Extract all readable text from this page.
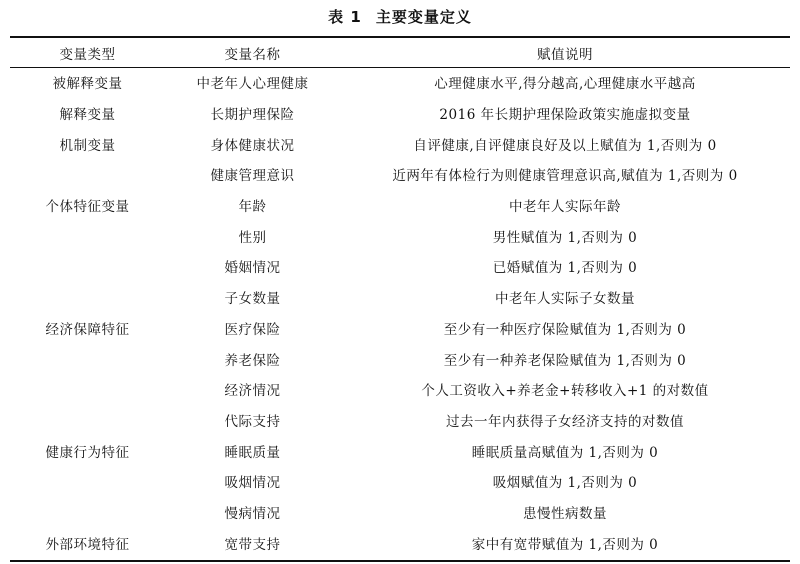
表 1 主要变量定义
变量类型	变量名称	赋值说明
被解释变量	中老年人心理健康	心理健康水平,得分越高,心理健康水平越高
解释变量	长期护理保险	2016 年长期护理保险政策实施虚拟变量
机制变量	身体健康状况	自评健康,自评健康良好及以上赋值为 1,否则为 0
	健康管理意识	近两年有体检行为则健康管理意识高,赋值为 1,否则为 0
个体特征变量	年龄	中老年人实际年龄
	性别	男性赋值为 1,否则为 0
	婚姻情况	已婚赋值为 1,否则为 0
	子女数量	中老年人实际子女数量
经济保障特征	医疗保险	至少有一种医疗保险赋值为 1,否则为 0
	养老保险	至少有一种养老保险赋值为 1,否则为 0
	经济情况	个人工资收入+养老金+转移收入+1 的对数值
	代际支持	过去一年内获得子女经济支持的对数值
健康行为特征	睡眠质量	睡眠质量高赋值为 1,否则为 0
	吸烟情况	吸烟赋值为 1,否则为 0
	慢病情况	患慢性病数量
外部环境特征	宽带支持	家中有宽带赋值为 1,否则为 0
